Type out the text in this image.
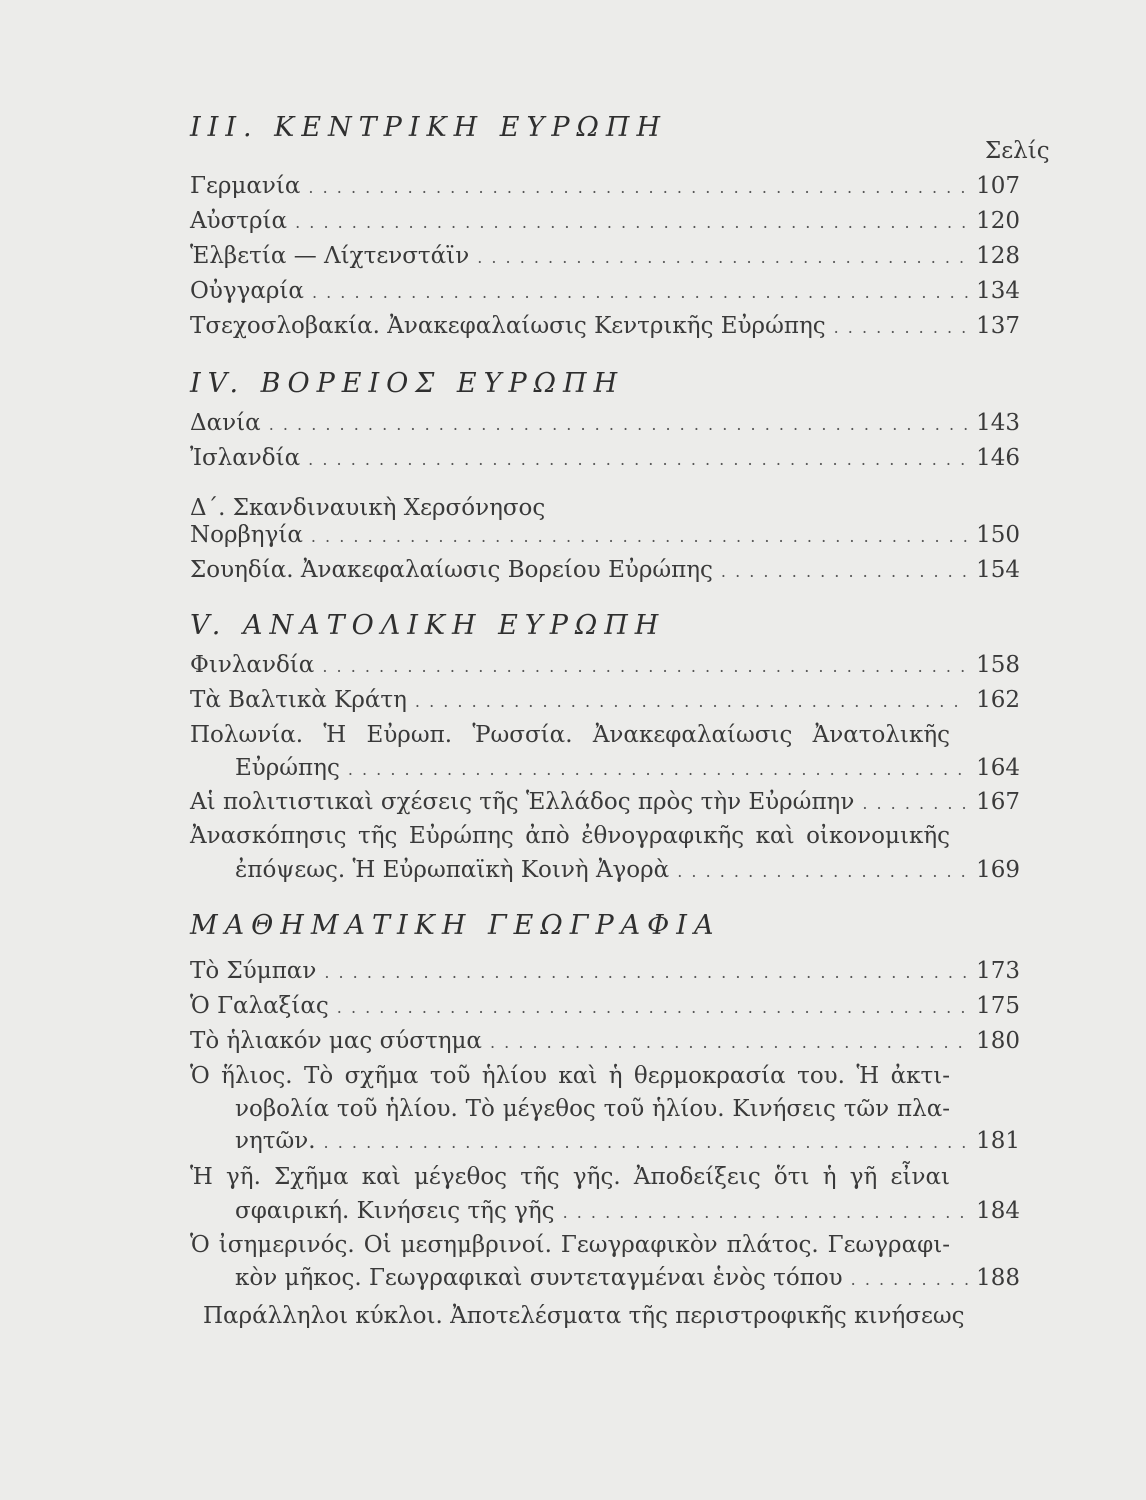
III. ΚΕΝΤΡΙΚΗ ΕΥΡΩΠΗ
Σελίς
Γερμανία . . .	107
Αὐστρία . . .	120
Ἑλβετία — Λίχτενστάϊν . . .	128
Οὐγγαρία . . .	134
Τσεχοσλοβακία. Ἀνακεφαλαίωσις Κεντρικῆς Εὐρώπης . . .	137
IV. ΒΟΡΕΙΟΣ ΕΥΡΩΠΗ
Δανία . . .	143
Ἰσλανδία . . .	146
Δ΄. Σκανδιναυικὴ Χερσόνησος
Νορβηγία . . .	150
Σουηδία. Ἀνακεφαλαίωσις Βορείου Εὐρώπης . . .	154
V. ΑΝΑΤΟΛΙΚΗ ΕΥΡΩΠΗ
Φινλανδία . . .	158
Τὰ Βαλτικὰ Κράτη . . .	162
Πολωνία. Ἡ Εὐρωπ. Ῥωσσία. Ἀνακεφαλαίωσις Ἀνατολικῆς
Εὐρώπης . . .	164
Αἱ πολιτιστικαὶ σχέσεις τῆς Ἑλλάδος πρὸς τὴν Εὐρώπην . . .	167
Ἀνασκόπησις τῆς Εὐρώπης ἀπὸ ἐθνογραφικῆς καὶ οἰκονομικῆς
ἐπόψεως. Ἡ Εὐρωπαϊκὴ Κοινὴ Ἀγορὰ . . .	169
ΜΑΘΗΜΑΤΙΚΗ ΓΕΩΓΡΑΦΙΑ
Τὸ Σύμπαν . . .	173
Ὁ Γαλαξίας . . .	175
Τὸ ἡλιακόν μας σύστημα . . .	180
Ὁ ἥλιος. Τὸ σχῆμα τοῦ ἡλίου καὶ ἡ θερμοκρασία του. Ἡ ἀκτι-
νοβολία τοῦ ἡλίου. Τὸ μέγεθος τοῦ ἡλίου. Κινήσεις τῶν πλα-
νητῶν. . . .	181
Ἡ γῆ. Σχῆμα καὶ μέγεθος τῆς γῆς. Ἀποδείξεις ὅτι ἡ γῆ εἶναι
σφαιρική. Κινήσεις τῆς γῆς . . .	184
Ὁ ἰσημερινός. Οἱ μεσημβρινοί. Γεωγραφικὸν πλάτος. Γεωγραφι-
κὸν μῆκος. Γεωγραφικαὶ συντεταγμέναι ἑνὸς τόπου . . .	188
Παράλληλοι κύκλοι. Ἀποτελέσματα τῆς περιστροφικῆς κινήσεως
